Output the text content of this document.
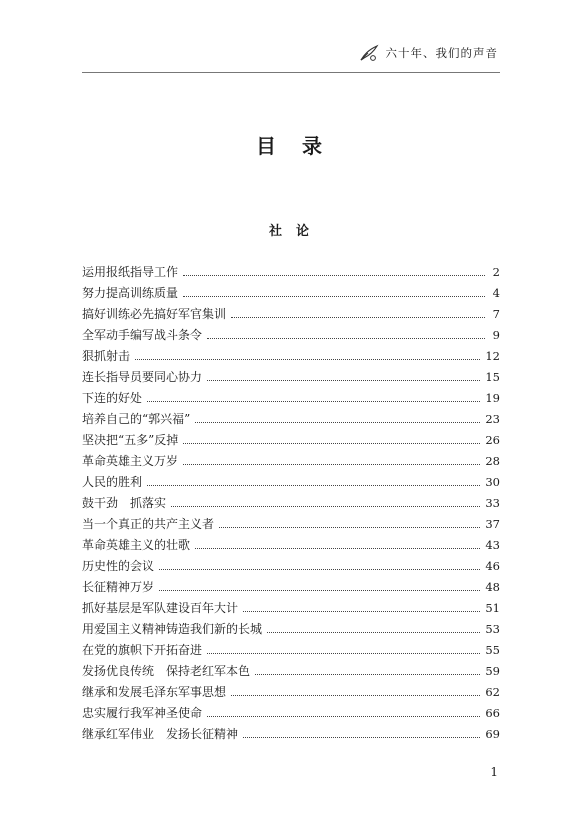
六十年、我们的声音
目录
社论
运用报纸指导工作	2
努力提高训练质量	4
搞好训练必先搞好军官集训	7
全军动手编写战斗条令	9
狠抓射击	12
连长指导员要同心协力	15
下连的好处	19
培养自己的“郭兴福”	23
坚决把“五多”反掉	26
革命英雄主义万岁	28
人民的胜利	30
鼓干劲　抓落实	33
当一个真正的共产主义者	37
革命英雄主义的壮歌	43
历史性的会议	46
长征精神万岁	48
抓好基层是军队建设百年大计	51
用爱国主义精神铸造我们新的长城	53
在党的旗帜下开拓奋进	55
发扬优良传统　保持老红军本色	59
继承和发展毛泽东军事思想	62
忠实履行我军神圣使命	66
继承红军伟业　发扬长征精神	69
1
